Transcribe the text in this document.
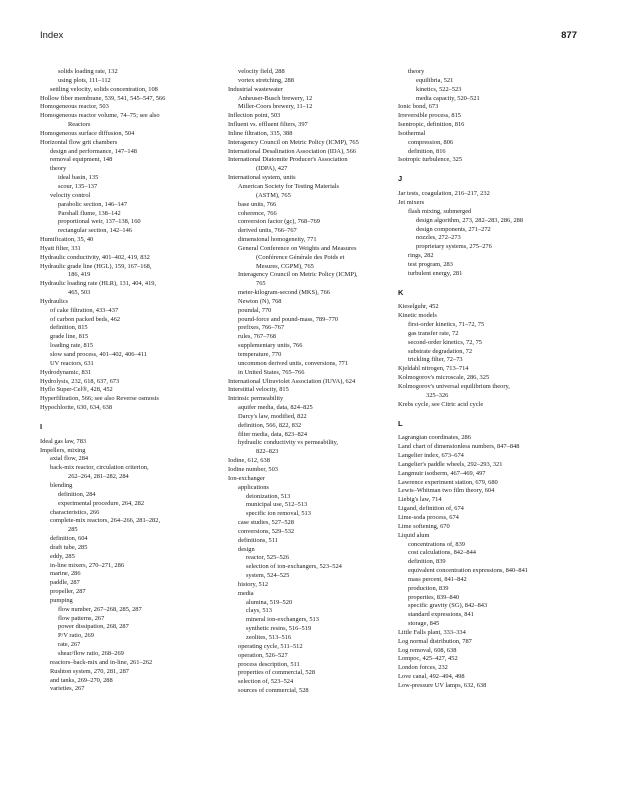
Index	877
solids loading rate, 132
using plots, 111–112
settling velocity, solids concentration, 108
Hollow fiber membrane, 539, 541, 545–547, 566
Homogeneous reactor, 503
Homogeneous reactor volume, 74–75; see also
Reactors
Homogeneous surface diffusion, 504
Horizontal flow grit chambers
design and performance, 147–148
removal equipment, 148
theory
ideal basin, 135
scour, 135–137
velocity control
parabolic section, 146–147
Parshall flume, 138–142
proportional weir, 137–138, 160
rectangular section, 142–146
Humification, 35, 40
Hyatt filter, 331
Hydraulic conductivity, 401–402, 419, 832
Hydraulic grade line (HGL), 159, 167–168,
186, 419
Hydraulic loading rate (HLR), 131, 404, 419,
465, 503
Hydraulics
of cake filtration, 433–437
of carbon packed beds, 462
definition, 815
grade line, 815
loading rate, 815
slow sand process, 401–402, 406–411
UV reactors, 631
Hydrodynamic, 831
Hydrolysis, 232, 618, 637, 673
Hyflo Super-Cel®, 428, 452
Hyperfiltration, 566; see also Reverse osmosis
Hypochlorite, 630, 634, 638
I
Ideal gas law, 783
Impellers, mixing
axial flow, 284
back-mix reactor, circulation criterion,
262–264, 281–282, 284
blending
definition, 284
experimental procedure, 264, 282
characteristics, 266
complete-mix reactors, 264–266, 281–282,
285
definition, 604
draft tube, 285
eddy, 285
in-line mixers, 270–271, 286
marine, 286
paddle, 287
propeller, 287
pumping
flow number, 267–268, 285, 287
flow patterns, 267
power dissipation, 268, 287
P/V ratio, 269
rate, 267
shear/flow ratio, 268–269
reactors–back-mix and in-line, 261–262
Rushton system, 270, 281, 287
and tanks, 269–270, 288
varieties, 267
velocity field, 288
vortex stretching, 288
Industrial wastewater
Anheuser-Busch brewery, 12
Miller-Coors brewery, 11–12
Inflection point, 503
Influent vs. effluent filters, 397
Inline filtration, 335, 388
Interagency Council on Metric Policy (ICMP), 765
International Desalination Association (IDA), 566
International Diatomite Producer's Association
(IDPA), 427
International system, units
American Society for Testing Materials
(ASTM), 765
base units, 766
coherence, 766
conversion factor (gc), 768–769
derived units, 766–767
dimensional homogeneity, 771
General Conference on Weights and Measures
(Conférence Générale des Poids et
Mesures, CGPM), 765
Interagency Council on Metric Policy (ICMP),
765
meter-kilogram-second (MKS), 766
Newton (N), 768
poundal, 770
pound-force and pound-mass, 789–770
prefixes, 766–767
rules, 767–768
supplementary units, 766
temperature, 770
uncommon derived units, conversions, 771
in United States, 765–766
International Ultraviolet Association (IUVA), 624
Interstitial velocity, 815
Intrinsic permeability
aquifer media, data, 824–825
Darcy's law, modified, 822
definition, 566, 822, 832
filter media, data, 823–824
hydraulic conductivity vs permeability,
822–823
Iodine, 612, 638
Iodine number, 503
Ion-exchanger
applications
deionization, 513
municipal use, 512–513
specific ion removal, 513
case studies, 527–528
conversions, 529–532
definitions, 511
design
reactor, 525–526
selection of ion-exchangers, 523–524
system, 524–525
history, 512
media
alumina, 519–520
clays, 513
mineral ion-exchangers, 513
synthetic resins, 516–519
zeolites, 513–516
operating cycle, 511–512
operation, 526–527
process description, 511
properties of commercial, 528
selection of, 523–524
sources of commercial, 528
theory
equilibria, 521
kinetics, 522–523
media capacity, 520–521
Ionic bond, 673
Irreversible process, 815
Isentropic, definition, 816
Isothermal
compression, 806
definition, 816
Isotropic turbulence, 325
J
Jar tests, coagulation, 216–217, 232
Jet mixers
flash mixing, submerged
design algorithm, 273, 282–283, 286, 288
design components, 271–272
nozzles, 272–273
proprietary systems, 275–276
rings, 282
test program, 283
turbulent energy, 281
K
Kieselguhr, 452
Kinetic models
first-order kinetics, 71–72, 75
gas transfer rate, 72
second-order kinetics, 72, 75
substrate degradation, 72
trickling filter, 72–73
Kjeldahl nitrogen, 713–714
Kolmogorov's microscale, 286, 325
Kolmogorov's universal equilibrium theory,
325–326
Krebs cycle, see Citric acid cycle
L
Lagrangian coordinates, 286
Land chart of dimensionless numbers, 847–848
Langelier index, 673–674
Langelier's paddle wheels, 292–293, 321
Langmuir isotherm, 467–469, 497
Lawrence experiment station, 679, 680
Lewis–Whitman two film theory, 604
Liebig's law, 714
Ligand, definition of, 674
Lime-soda process, 674
Lime softening, 670
Liquid alum
concentrations of, 839
cost calculations, 842–844
definition, 839
equivalent concentration expressions, 840–841
mass percent, 841–842
production, 839
properties, 839–840
specific gravity (SG), 842–843
standard expressions, 841
storage, 845
Little Falls plant, 333–334
Log normal distribution, 787
Log removal, 608, 638
Lompoc, 425–427, 452
London forces, 232
Love canal, 492–494, 498
Low-pressure UV lamps, 632, 638
